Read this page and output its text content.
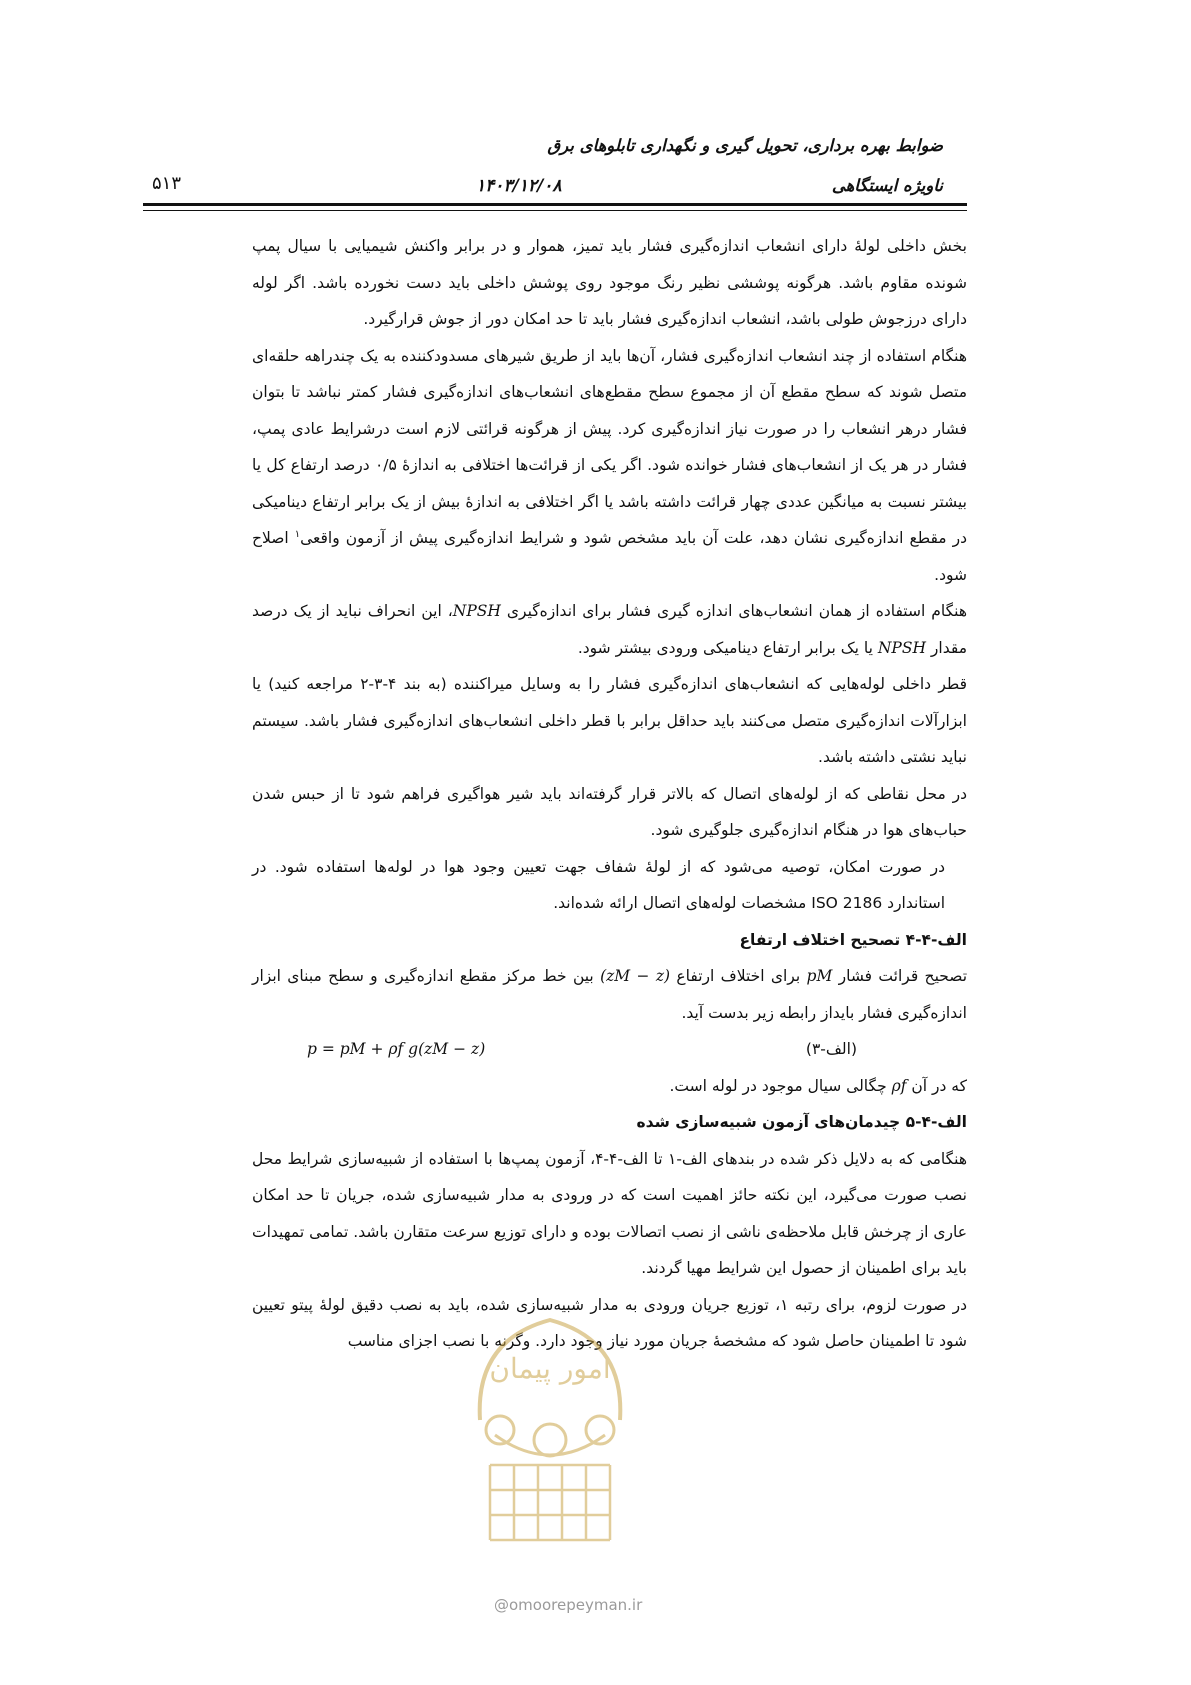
ضوابط بهره برداری، تحویل گیری و نگهداری تابلوهای برق
ناویژه ایستگاهی
۱۴۰۳/۱۲/۰۸
۵۱۳

بخش داخلی لولهٔ دارای انشعاب اندازه‌گیری فشار باید تمیز، هموار و در برابر واکنش شیمیایی با سیال پمپ شونده مقاوم باشد. هرگونه پوششی نظیر رنگ موجود روی پوشش داخلی باید دست نخورده باشد. اگر لوله دارای درزجوش طولی باشد، انشعاب اندازه‌گیری فشار باید تا حد امکان دور از جوش قرارگیرد.

هنگام استفاده از چند انشعاب اندازه‌گیری فشار، آن‌ها باید از طریق شیرهای مسدودکننده به یک چندراهه حلقه‌ای متصل شوند که سطح مقطع آن از مجموع سطح مقطع‌های انشعاب‌های اندازه‌گیری فشار کمتر نباشد تا بتوان فشار درهر انشعاب را در صورت نیاز اندازه‌گیری کرد. پیش از هرگونه قرائتی لازم است درشرایط عادی پمپ، فشار در هر یک از انشعاب‌های فشار خوانده شود. اگر یکی از قرائت‌ها اختلافی به اندازهٔ ۰/۵ درصد ارتفاع کل یا بیشتر نسبت به میانگین عددی چهار قرائت داشته باشد یا اگر اختلافی به اندازهٔ بیش از یک برابر ارتفاع دینامیکی در مقطع اندازه‌گیری نشان دهد، علت آن باید مشخص شود و شرایط اندازه‌گیری پیش از آزمون واقعی$^۱$ اصلاح شود.

هنگام استفاده از همان انشعاب‌های اندازه گیری فشار برای اندازه‌گیری NPSH، این انحراف نباید از یک درصد مقدار NPSH یا یک برابر ارتفاع دینامیکی ورودی بیشتر شود.

قطر داخلی لوله‌هایی که انشعاب‌های اندازه‌گیری فشار را به وسایل میراکننده (به بند ۴-۳-۲ مراجعه کنید) یا ابزارآلات اندازه‌گیری متصل می‌کنند باید حداقل برابر با قطر داخلی انشعاب‌های اندازه‌گیری فشار باشد. سیستم نباید نشتی داشته باشد.

در محل نقاطی که از لوله‌های اتصال که بالاتر قرار گرفته‌اند باید شیر هواگیری فراهم شود تا از حبس شدن حباب‌های هوا در هنگام اندازه‌گیری جلوگیری شود.

در صورت امکان، توصیه می‌شود که از لولهٔ شفاف جهت تعیین وجود هوا در لوله‌ها استفاده شود. در استاندارد ISO 2186 مشخصات لوله‌های اتصال ارائه شده‌اند.

الف-۴-۴ تصحیح اختلاف ارتفاع

تصحیح قرائت فشار pM برای اختلاف ارتفاع (zM − z) بین خط مرکز مقطع اندازه‌گیری و سطح مبنای ابزار اندازه‌گیری فشار بایداز رابطه زیر بدست آید.

(الف-۳)
p = pM + ρf g(zM − z)

که در آن ρf چگالی سیال موجود در لوله است.

الف-۴-۵ چیدمان‌های آزمون شبیه‌سازی شده

هنگامی که به دلایل ذکر شده در بندهای الف-۱ تا الف-۴-۴، آزمون پمپ‌ها با استفاده از شبیه‌سازی شرایط محل نصب صورت می‌گیرد، این نکته حائز اهمیت است که در ورودی به مدار شبیه‌سازی شده، جریان تا حد امکان عاری از چرخش قابل ملاحظه‌ی ناشی از نصب اتصالات بوده و دارای توزیع سرعت متقارن باشد. تمامی تمهیدات باید برای اطمینان از حصول این شرایط مهیا گردند.

در صورت لزوم، برای رتبه ۱، توزیع جریان ورودی به مدار شبیه‌سازی شده، باید به نصب دقیق لولهٔ پیتو تعیین شود تا اطمینان حاصل شود که مشخصهٔ جریان مورد نیاز وجود دارد. وگرنه با نصب اجزای مناسب

امور پیمان
@omoorepeyman.ir
